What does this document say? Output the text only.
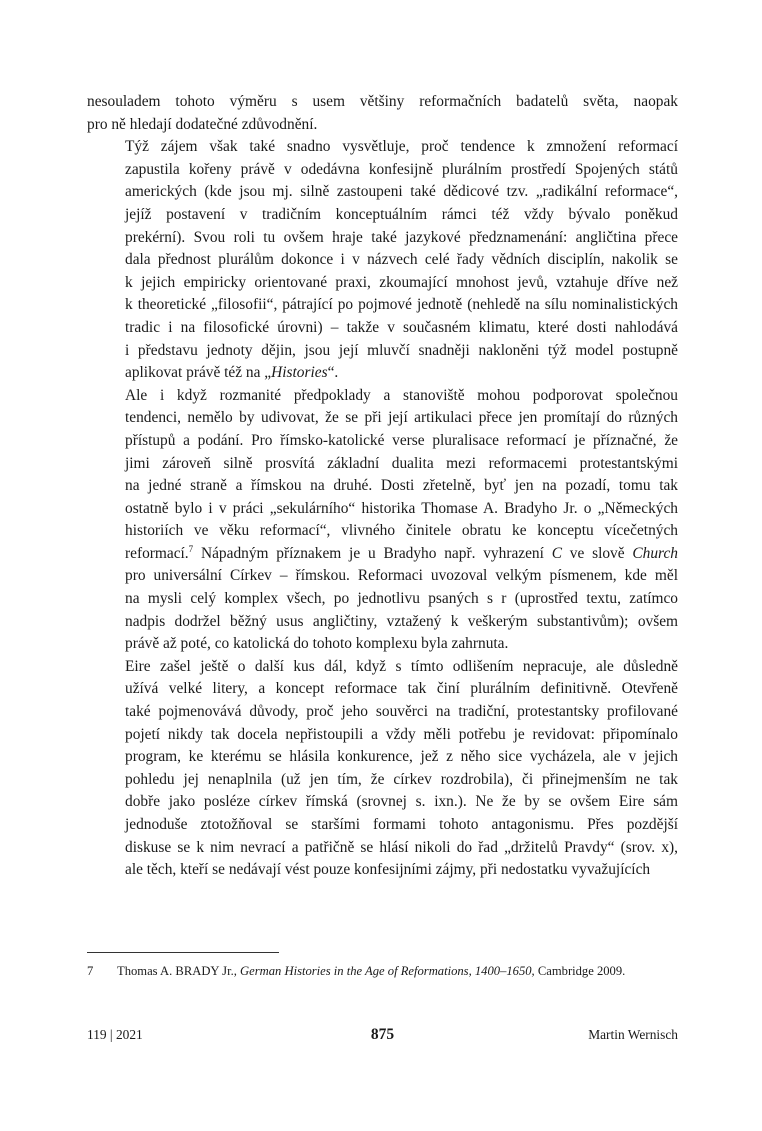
nesouladem tohoto výměru s usem většiny reformačních badatelů světa, naopak
pro ně hledají dodatečné zdůvodnění.

Týž zájem však také snadno vysvětluje, proč tendence k zmnožení reformací
zapustila kořeny právě v odedávna konfesijně plurálním prostředí Spojených států
amerických (kde jsou mj. silně zastoupeni také dědicové tzv. „radikální reformace“,
jejíž postavení v tradičním konceptuálním rámci též vždy bývalo poněkud
prekérní). Svou roli tu ovšem hraje také jazykové předznamenání: angličtina přece
dala přednost plurálům dokonce i v názvech celé řady vědních disciplín, nakolik se
k jejich empiricky orientované praxi, zkoumající mnohost jevů, vztahuje dříve než
k theoretické „filosofii“, pátrající po pojmové jednotě (nehledě na sílu nominalistických
tradic i na filosofické úrovni) – takže v současném klimatu, které dosti nahlodává
i představu jednoty dějin, jsou její mluvčí snadněji nakloněni týž model postupně
aplikovat právě též na „Histories“.

Ale i když rozmanité předpoklady a stanoviště mohou podporovat společnou
tendenci, nemělo by udivovat, že se při její artikulaci přece jen promítají do různých
přístupů a podání. Pro římsko-katolické verse pluralisace reformací je příznačné, že
jimi zároveň silně prosvítá základní dualita mezi reformacemi protestantskými
na jedné straně a římskou na druhé. Dosti zřetelně, byť jen na pozadí, tomu tak
ostatně bylo i v práci „sekulárního“ historika Thomase A. Bradyho Jr. o „Německých
historiích ve věku reformací“, vlivného činitele obratu ke konceptu vícečetných
reformací.$^7$ Nápadným příznakem je u Bradyho např. vyhrazení C ve slově Church
pro universální Církev – římskou. Reformaci uvozoval velkým písmenem, kde měl
na mysli celý komplex všech, po jednotlivu psaných s r (uprostřed textu, zatímco
nadpis dodržel běžný usus angličtiny, vztažený k veškerým substantivům); ovšem
právě až poté, co katolická do tohoto komplexu byla zahrnuta.

Eire zašel ještě o další kus dál, když s tímto odlišením nepracuje, ale důsledně
užívá velké litery, a koncept reformace tak činí plurálním definitivně. Otevřeně
také pojmenovává důvody, proč jeho souvěrci na tradiční, protestantsky profilované
pojetí nikdy tak docela nepřistoupili a vždy měli potřebu je revidovat: připomínalo
program, ke kterému se hlásila konkurence, jež z něho sice vycházela, ale v jejich
pohledu jej nenaplnila (už jen tím, že církev rozdrobila), či přinejmenším ne tak
dobře jako posléze církev římská (srovnej s. ixn.). Ne že by se ovšem Eire sám
jednoduše ztotožňoval se staršími formami tohoto antagonismu. Přes pozdější
diskuse se k nim nevrací a patřičně se hlásí nikoli do řad „držitelů Pravdy“ (srov. x),
ale těch, kteří se nedávají vést pouze konfesijními zájmy, při nedostatku vyvažujících

7 Thomas A. BRADY Jr., German Histories in the Age of Reformations, 1400–1650, Cambridge 2009.
119 | 2021	875	Martin Wernisch
